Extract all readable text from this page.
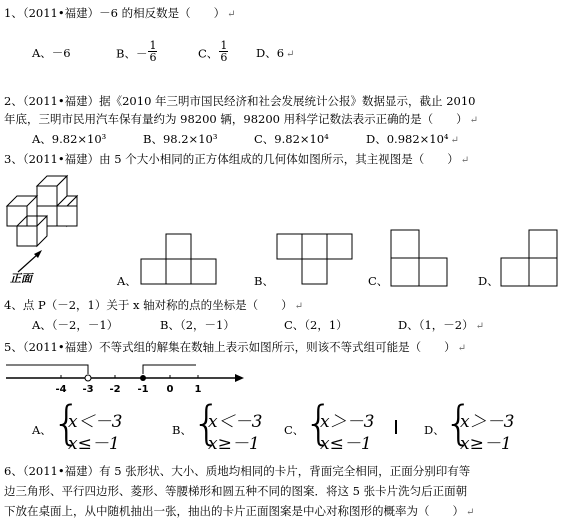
1、（2011•福建）－6 的相反数是（　　） ↵
A、－6	B、－ $\frac{1}{6}$	C、 $\frac{1}{6}$ D、6 ↵
2、（2011•福建）据《2010 年三明市国民经济和社会发展统计公报》数据显示，截止 2010
年底，三明市民用汽车保有量约为 98200 辆，98200 用科学记数法表示正确的是（　　） ↵
A、9.82×10³	B、98.2×10³	C、9.82×10⁴	D、0.982×10⁴ ↵
3、（2011•福建）由 5 个大小相同的正方体组成的几何体如图所示，其主视图是（　　） ↵
正面	A、	B、	C、	D、
4、点 P（－2，1）关于 x 轴对称的点的坐标是（　　） ↵
A、（－2，－1）	B、（2，－1）	C、（2，1）	D、（1，－2） ↵
5、（2011•福建）不等式组的解集在数轴上表示如图所示，则该不等式组可能是（　　） ↵
-4 -3 -2 -1 0 1
A、 {
x＜－3
x≤－1
B、 {
x＜－3
x≥－1
C、 {
x＞－3
x≤－1
D、 {
x＞－3
x≥－1
6、（2011•福建）有 5 张形状、大小、质地均相同的卡片，背面完全相同，正面分别印有等
边三角形、平行四边形、菱形、等腰梯形和圆五种不同的图案．将这 5 张卡片洗匀后正面朝
下放在桌面上，从中随机抽出一张，抽出的卡片正面图案是中心对称图形的概率为（　　） ↵
